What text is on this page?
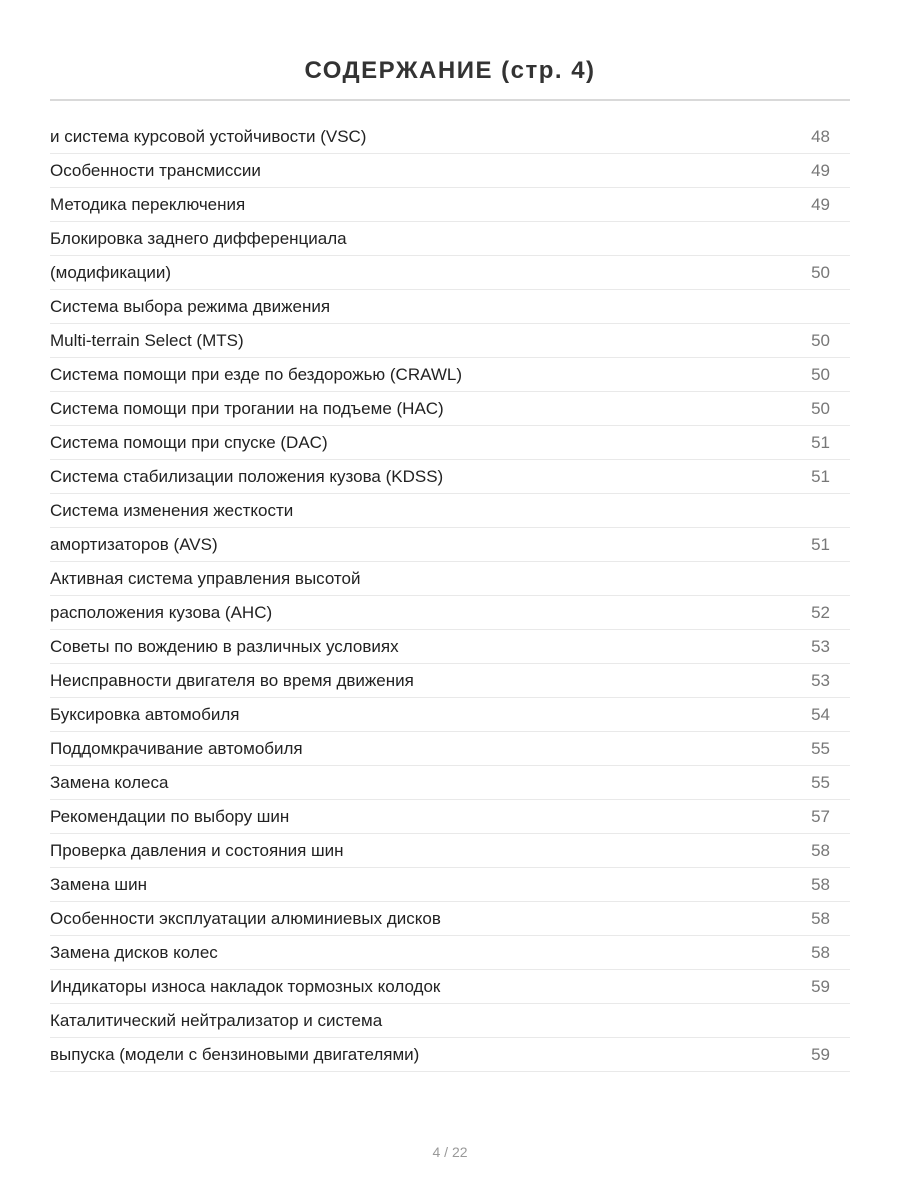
СОДЕРЖАНИЕ (стр. 4)
и система курсовой устойчивости (VSC)	48
Особенности трансмиссии	49
Методика переключения	49
Блокировка заднего дифференциала
(модификации)	50
Система выбора режима движения
Multi-terrain Select (MTS)	50
Система помощи при езде по бездорожью (CRAWL)	50
Система помощи при трогании на подъеме (HAC)	50
Система помощи при спуске (DAC)	51
Система стабилизации положения кузова (KDSS)	51
Система изменения жесткости
амортизаторов (AVS)	51
Активная система управления высотой
расположения кузова (AHC)	52
Советы по вождению в различных условиях	53
Неисправности двигателя во время движения	53
Буксировка автомобиля	54
Поддомкрачивание автомобиля	55
Замена колеса	55
Рекомендации по выбору шин	57
Проверка давления и состояния шин	58
Замена шин	58
Особенности эксплуатации алюминиевых дисков	58
Замена дисков колес	58
Индикаторы износа накладок тормозных колодок	59
Каталитический нейтрализатор и система
выпуска (модели с бензиновыми двигателями)	59
4 / 22
